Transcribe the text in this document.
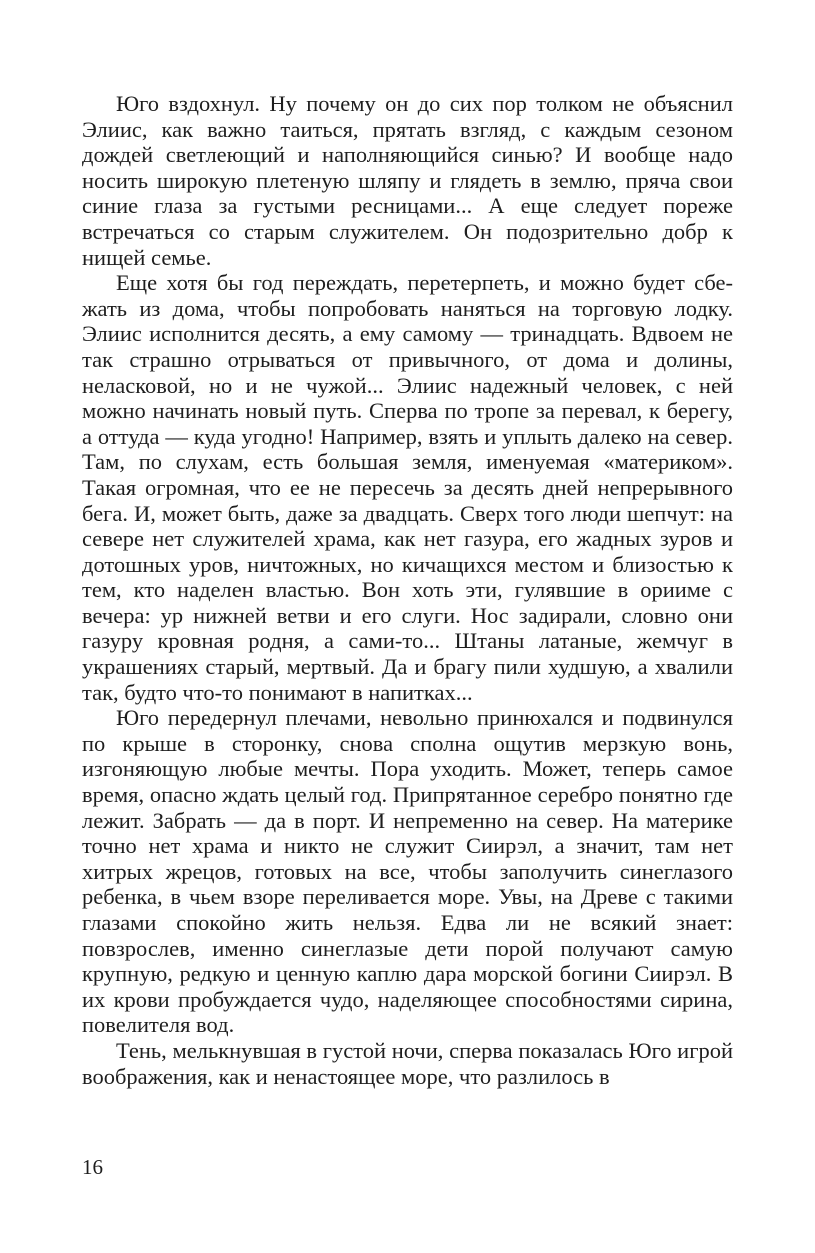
Юго вздохнул. Ну почему он до сих пор толком не объяснил Элиис, как важно таиться, прятать взгляд, с каждым сезоном дождей светлеющий и наполняющийся синью? И вообще надо носить широкую плетеную шляпу и глядеть в землю, пряча свои синие глаза за густыми ресницами... А еще следует пореже встречаться со старым служителем. Он подозрительно добр к нищей семье.

Еще хотя бы год переждать, перетерпеть, и можно будет сбежать из дома, чтобы попробовать наняться на торговую лодку. Элиис исполнится десять, а ему самому — тринадцать. Вдвоем не так страшно отрываться от привычного, от дома и долины, неласковой, но и не чужой... Элиис надежный человек, с ней можно начинать новый путь. Сперва по тропе за перевал, к берегу, а оттуда — куда угодно! Например, взять и уплыть далеко на север. Там, по слухам, есть большая земля, именуемая «материком». Такая огромная, что ее не пересечь за десять дней непрерывного бега. И, может быть, даже за двадцать. Сверх того люди шепчут: на севере нет служителей храма, как нет газура, его жадных зуров и дотошных уров, ничтожных, но кичащихся местом и близостью к тем, кто наделен властью. Вон хоть эти, гулявшие в ориимe с вечера: ур нижней ветви и его слуги. Нос задирали, словно они газуру кровная родня, а сами-то... Штаны латаные, жемчуг в украшениях старый, мертвый. Да и брагу пили худшую, а хвалили так, будто что-то понимают в напитках...

Юго передернул плечами, невольно принюхался и подвинулся по крыше в сторонку, снова сполна ощутив мерзкую вонь, изгоняющую любые мечты. Пора уходить. Может, теперь самое время, опасно ждать целый год. Припрятанное серебро понятно где лежит. Забрать — да в порт. И непременно на север. На материке точно нет храма и никто не служит Сиирэл, а значит, там нет хитрых жрецов, готовых на все, чтобы заполучить синеглазого ребенка, в чьем взоре переливается море. Увы, на Древе с такими глазами спокойно жить нельзя. Едва ли не всякий знает: повзрослев, именно синеглазые дети порой получают самую крупную, редкую и ценную каплю дара морской богини Сиирэл. В их крови пробуждается чудо, наделяющее способностями сирина, повелителя вод.

Тень, мелькнувшая в густой ночи, сперва показалась Юго игрой воображения, как и ненастоящее море, что разлилось в

16
